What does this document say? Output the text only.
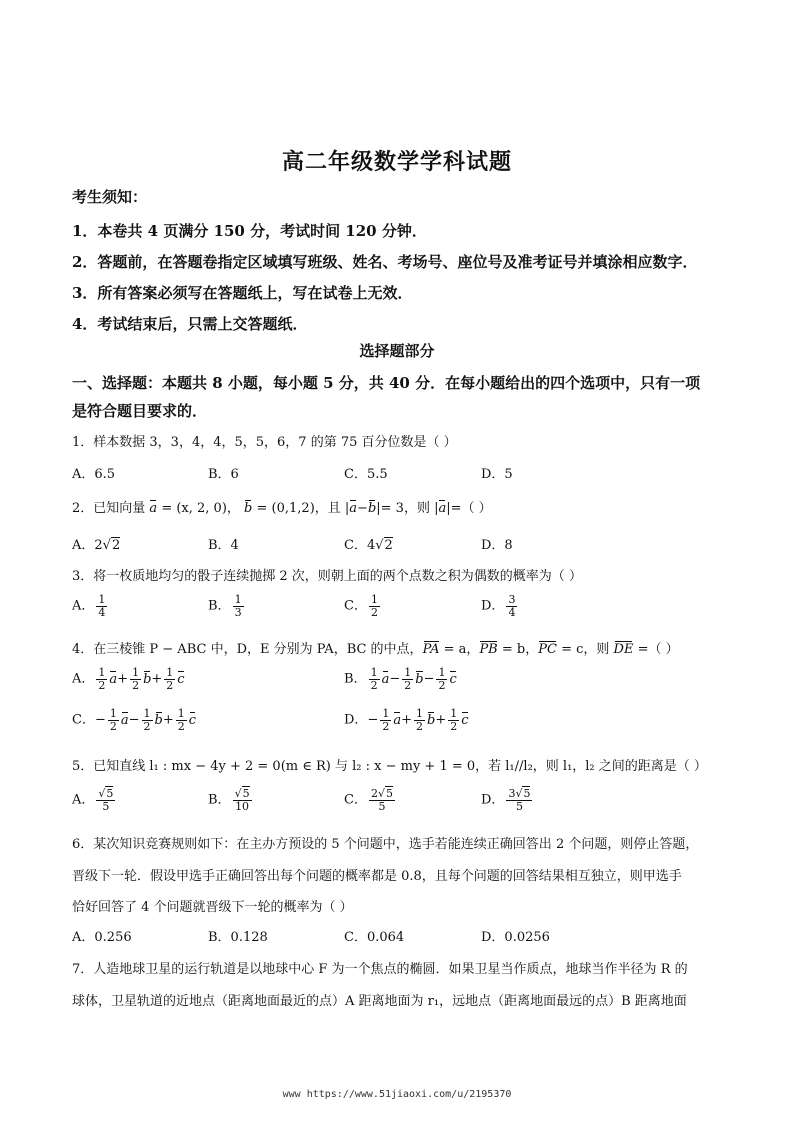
高二年级数学学科试题
考生须知：
1．本卷共 4 页满分 150 分，考试时间 120 分钟．
2．答题前，在答题卷指定区域填写班级、姓名、考场号、座位号及准考证号并填涂相应数字．
3．所有答案必须写在答题纸上，写在试卷上无效．
4．考试结束后，只需上交答题纸．
选择题部分
一、选择题：本题共 8 小题，每小题 5 分，共 40 分．在每小题给出的四个选项中，只有一项
是符合题目要求的．
1．样本数据 3，3，4，4，5，5，6，7 的第 75 百分位数是（ ）
A．6.5	B．6	C．5.5	D．5
2．已知向量 a = (x, 2, 0)， b = (0,1,2)，且 |a−b|= 3，则 |a|=（ ）
A．2√2	B．4	C．4√2	D．8
3．将一枚质地均匀的骰子连续抛掷 2 次，则朝上面的两个点数之积为偶数的概率为（ ）
A． $\frac{1}{4}$	B． $\frac{1}{3}$	C． $\frac{1}{2}$	D． $\frac{3}{4}$
4．在三棱锥 P − ABC 中，D，E 分别为 PA，BC 的中点，PA = a，PB = b，PC = c，则 DE =（ ）
A． $\frac{1}{2} a+ \frac{1}{2} b+ \frac{1}{2}$ c	B． $\frac{1}{2} a- \frac{1}{2} b- \frac{1}{2}$ c
C．− $\frac{1}{2} a- \frac{1}{2} b+ \frac{1}{2}$ c	D．− $\frac{1}{2} a+ \frac{1}{2} b+ \frac{1}{2}$ c
5．已知直线 l₁ : mx − 4y + 2 = 0(m ∈ R) 与 l₂ : x − my + 1 = 0，若 l₁//l₂，则 l₁，l₂ 之间的距离是（ ）
A． $\frac{√5}{5}$	B． $\frac{√5}{10}$	C． $\frac{2√5}{5}$	D． $\frac{3√5}{5}$
6．某次知识竞赛规则如下：在主办方预设的 5 个问题中，选手若能连续正确回答出 2 个问题，则停止答题，
晋级下一轮．假设甲选手正确回答出每个问题的概率都是 0.8，且每个问题的回答结果相互独立，则甲选手
恰好回答了 4 个问题就晋级下一轮的概率为（ ）
A．0.256	B．0.128	C．0.064	D．0.0256
7．人造地球卫星的运行轨道是以地球中心 F 为一个焦点的椭圆．如果卫星当作质点，地球当作半径为 R 的
球体，卫星轨道的近地点（距离地面最近的点）A 距离地面为 r₁，远地点（距离地面最远的点）B 距离地面
www https://www.51jiaoxi.com/u/2195370
